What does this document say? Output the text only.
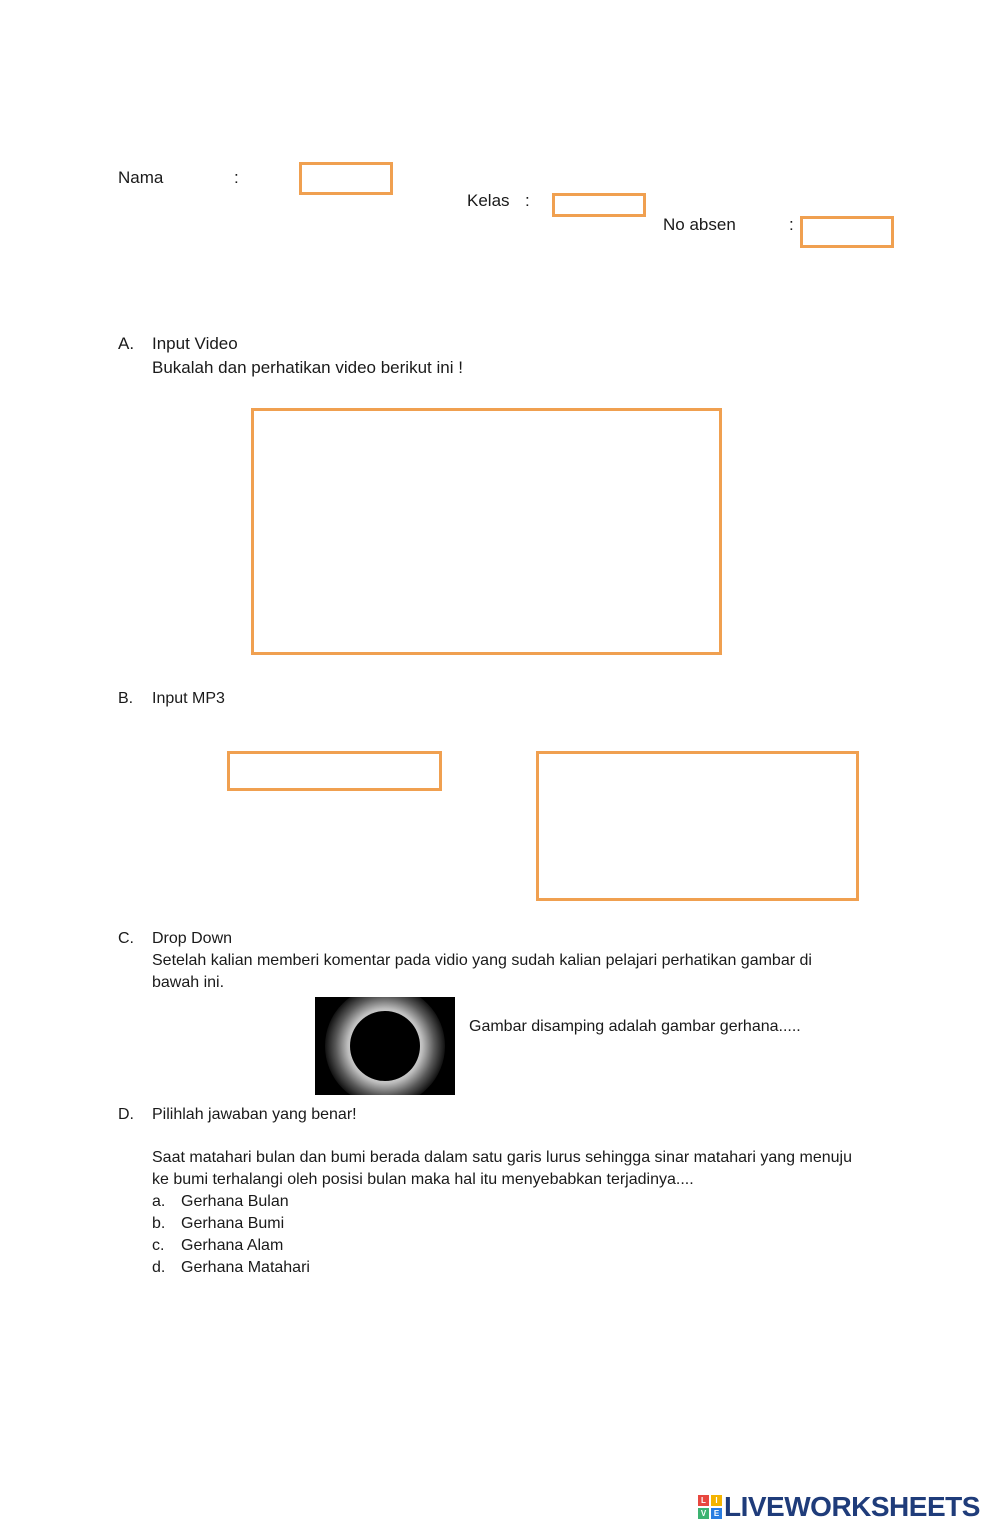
Nama	:
Kelas :
No absen	:
A. Input Video
Bukalah dan perhatikan video berikut ini !
B. Input MP3
C. Drop Down
Setelah kalian memberi komentar pada vidio yang sudah kalian pelajari perhatikan gambar di
bawah ini.
Gambar disamping adalah gambar gerhana.....
D. Pilihlah jawaban yang benar!
Saat matahari bulan dan bumi berada dalam satu garis lurus sehingga sinar matahari yang menuju
ke bumi terhalangi oleh posisi bulan maka hal itu menyebabkan terjadinya....
a. Gerhana Bulan
b. Gerhana Bumi
c. Gerhana Alam
d. Gerhana Matahari
L	I
V E LIVEWORKSHEETS
